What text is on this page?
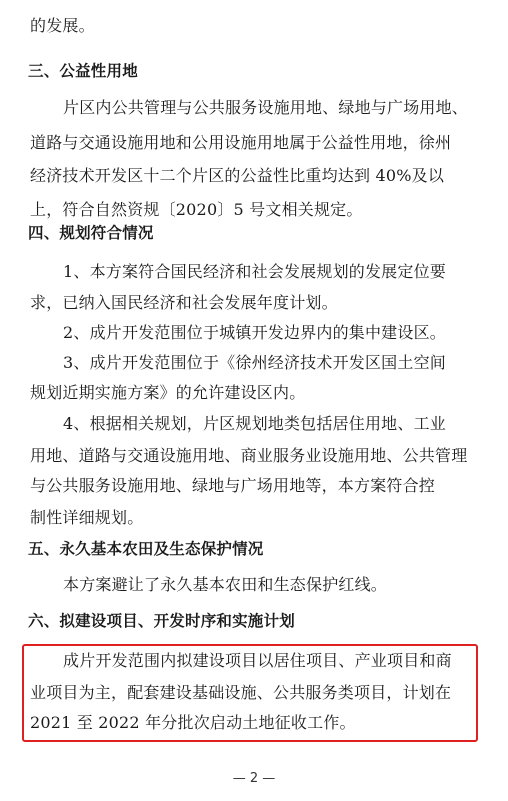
的发展。
三、公益性用地
片区内公共管理与公共服务设施用地、绿地与广场用地、
道路与交通设施用地和公用设施用地属于公益性用地，徐州
经济技术开发区十二个片区的公益性比重均达到 40%及以
上，符合自然资规〔2020〕5 号文相关规定。
四、规划符合情况
1、本方案符合国民经济和社会发展规划的发展定位要
求，已纳入国民经济和社会发展年度计划。
2、成片开发范围位于城镇开发边界内的集中建设区。
3、成片开发范围位于《徐州经济技术开发区国土空间
规划近期实施方案》的允许建设区内。
4、根据相关规划，片区规划地类包括居住用地、工业
用地、道路与交通设施用地、商业服务业设施用地、公共管理
与公共服务设施用地、绿地与广场用地等，本方案符合控
制性详细规划。
五、永久基本农田及生态保护情况
本方案避让了永久基本农田和生态保护红线。
六、拟建设项目、开发时序和实施计划
成片开发范围内拟建设项目以居住项目、产业项目和商
业项目为主，配套建设基础设施、公共服务类项目，计划在
2021 至 2022 年分批次启动土地征收工作。
— 2 —
